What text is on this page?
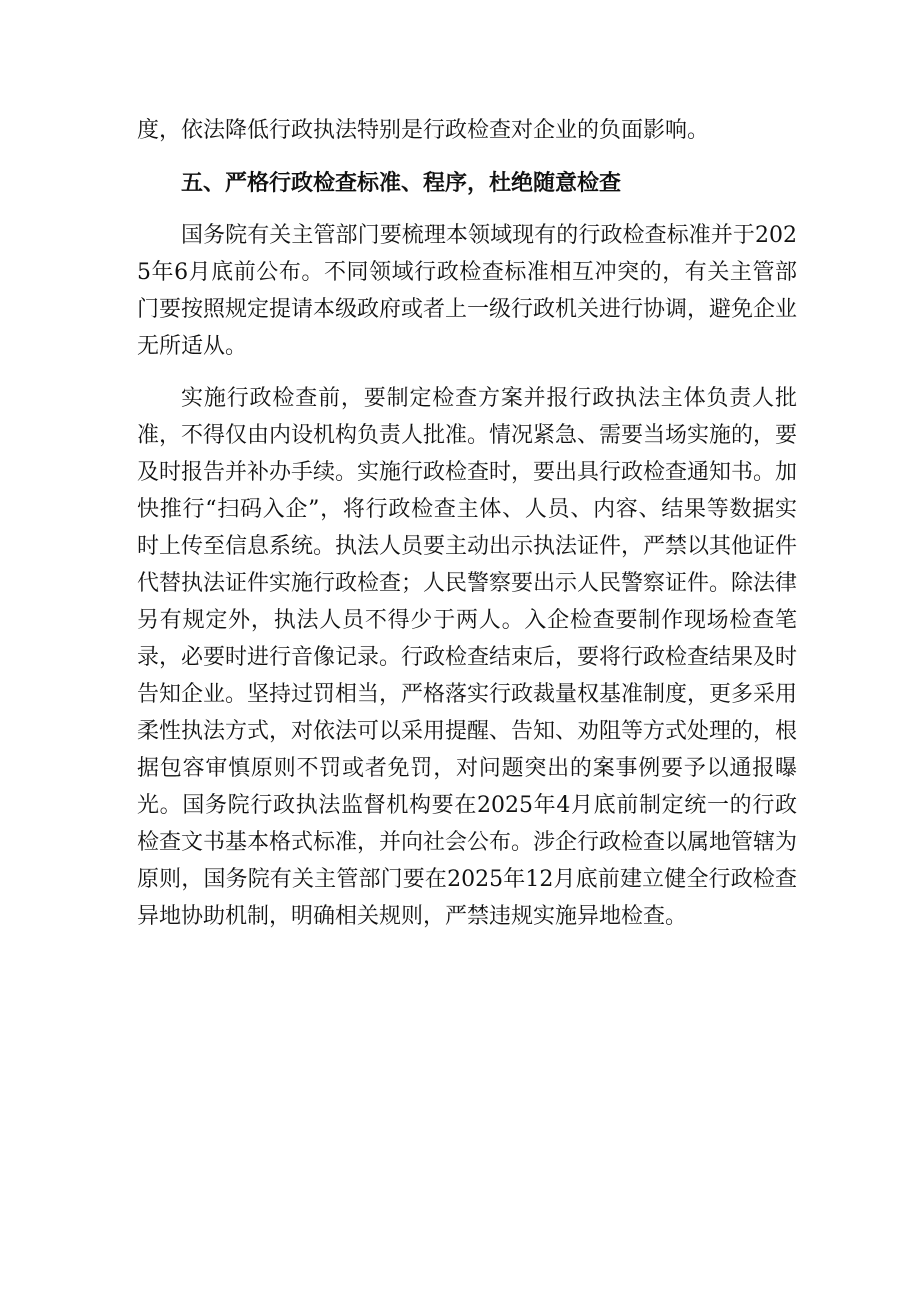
度，依法降低行政执法特别是行政检查对企业的负面影响。

五、严格行政检查标准、程序，杜绝随意检查

国务院有关主管部门要梳理本领域现有的行政检查标准并于2025年6月底前公布。不同领域行政检查标准相互冲突的，有关主管部门要按照规定提请本级政府或者上一级行政机关进行协调，避免企业无所适从。

实施行政检查前，要制定检查方案并报行政执法主体负责人批准，不得仅由内设机构负责人批准。情况紧急、需要当场实施的，要及时报告并补办手续。实施行政检查时，要出具行政检查通知书。加快推行“扫码入企”，将行政检查主体、人员、内容、结果等数据实时上传至信息系统。执法人员要主动出示执法证件，严禁以其他证件代替执法证件实施行政检查；人民警察要出示人民警察证件。除法律另有规定外，执法人员不得少于两人。入企检查要制作现场检查笔录，必要时进行音像记录。行政检查结束后，要将行政检查结果及时告知企业。坚持过罚相当，严格落实行政裁量权基准制度，更多采用柔性执法方式，对依法可以采用提醒、告知、劝阻等方式处理的，根据包容审慎原则不罚或者免罚，对问题突出的案事例要予以通报曝光。国务院行政执法监督机构要在2025年4月底前制定统一的行政检查文书基本格式标准，并向社会公布。涉企行政检查以属地管辖为原则，国务院有关主管部门要在2025年12月底前建立健全行政检查异地协助机制，明确相关规则，严禁违规实施异地检查。
